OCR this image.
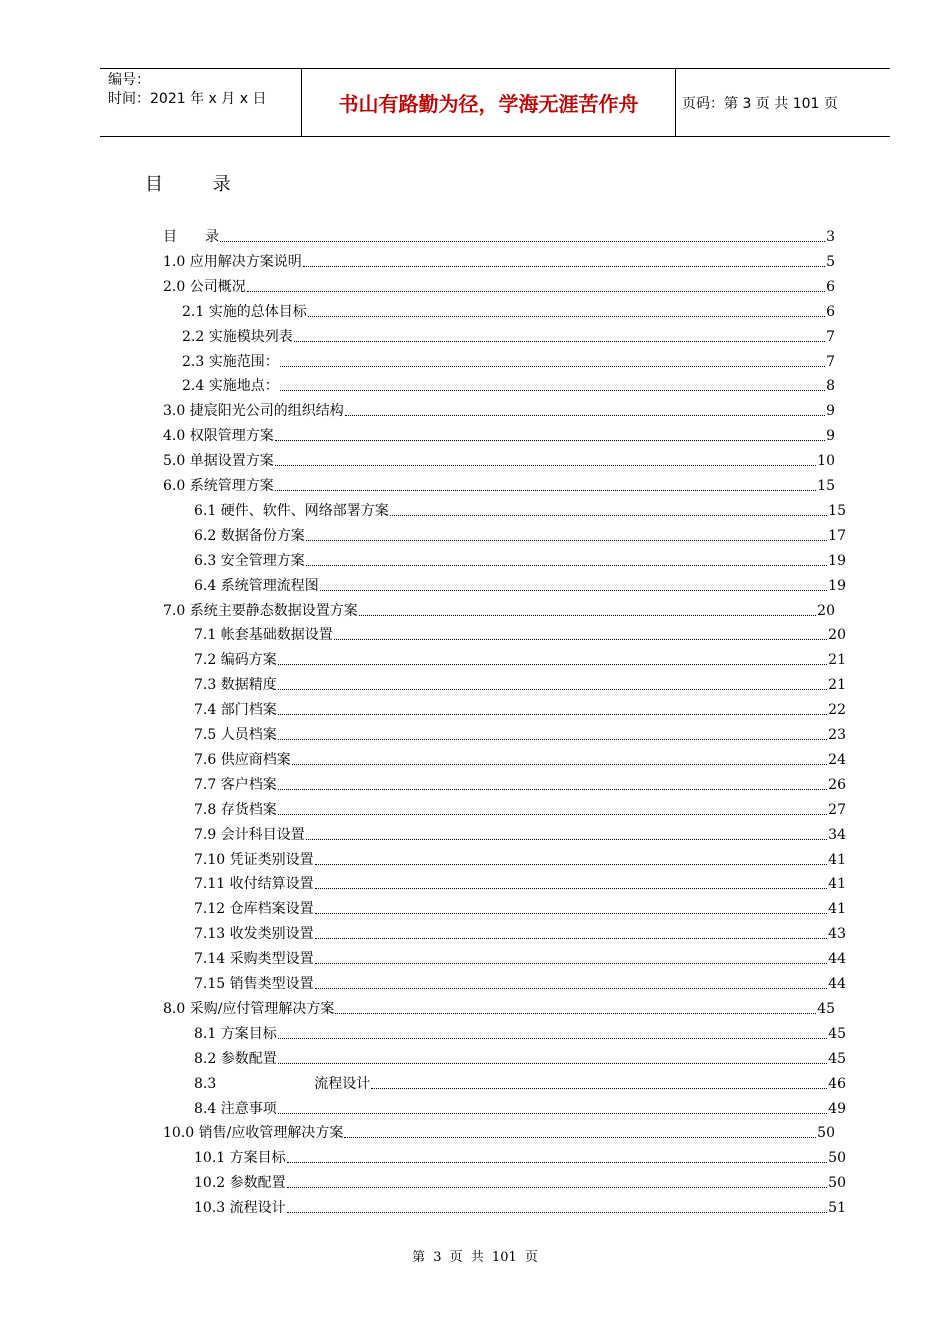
编号：
时间：2021 年 x 月 x 日	书山有路勤为径，学海无涯苦作舟	页码：第 3 页 共 101 页
目 录
目　　录	3
1.0 应用解决方案说明	5
2.0 公司概况	6
2.1 实施的总体目标	6
2.2 实施模块列表	7
2.3 实施范围：	7
2.4 实施地点：	8
3.0 捷宸阳光公司的组织结构	9
4.0 权限管理方案	9
5.0 单据设置方案	10
6.0 系统管理方案	15
6.1 硬件、软件、网络部署方案	15
6.2 数据备份方案	17
6.3 安全管理方案	19
6.4 系统管理流程图	19
7.0 系统主要静态数据设置方案	20
7.1 帐套基础数据设置	20
7.2 编码方案	21
7.3 数据精度	21
7.4 部门档案	22
7.5 人员档案	23
7.6 供应商档案	24
7.7 客户档案	26
7.8 存货档案	27
7.9 会计科目设置	34
7.10 凭证类别设置	41
7.11 收付结算设置	41
7.12 仓库档案设置	41
7.13 收发类别设置	43
7.14 采购类型设置	44
7.15 销售类型设置	44
8.0 采购/应付管理解决方案	45
8.1 方案目标	45
8.2 参数配置	45
8.3　　　　　　　流程设计	46
8.4 注意事项	49
10.0 销售/应收管理解决方案	50
10.1 方案目标	50
10.2 参数配置	50
10.3 流程设计	51
第 3 页 共 101 页
